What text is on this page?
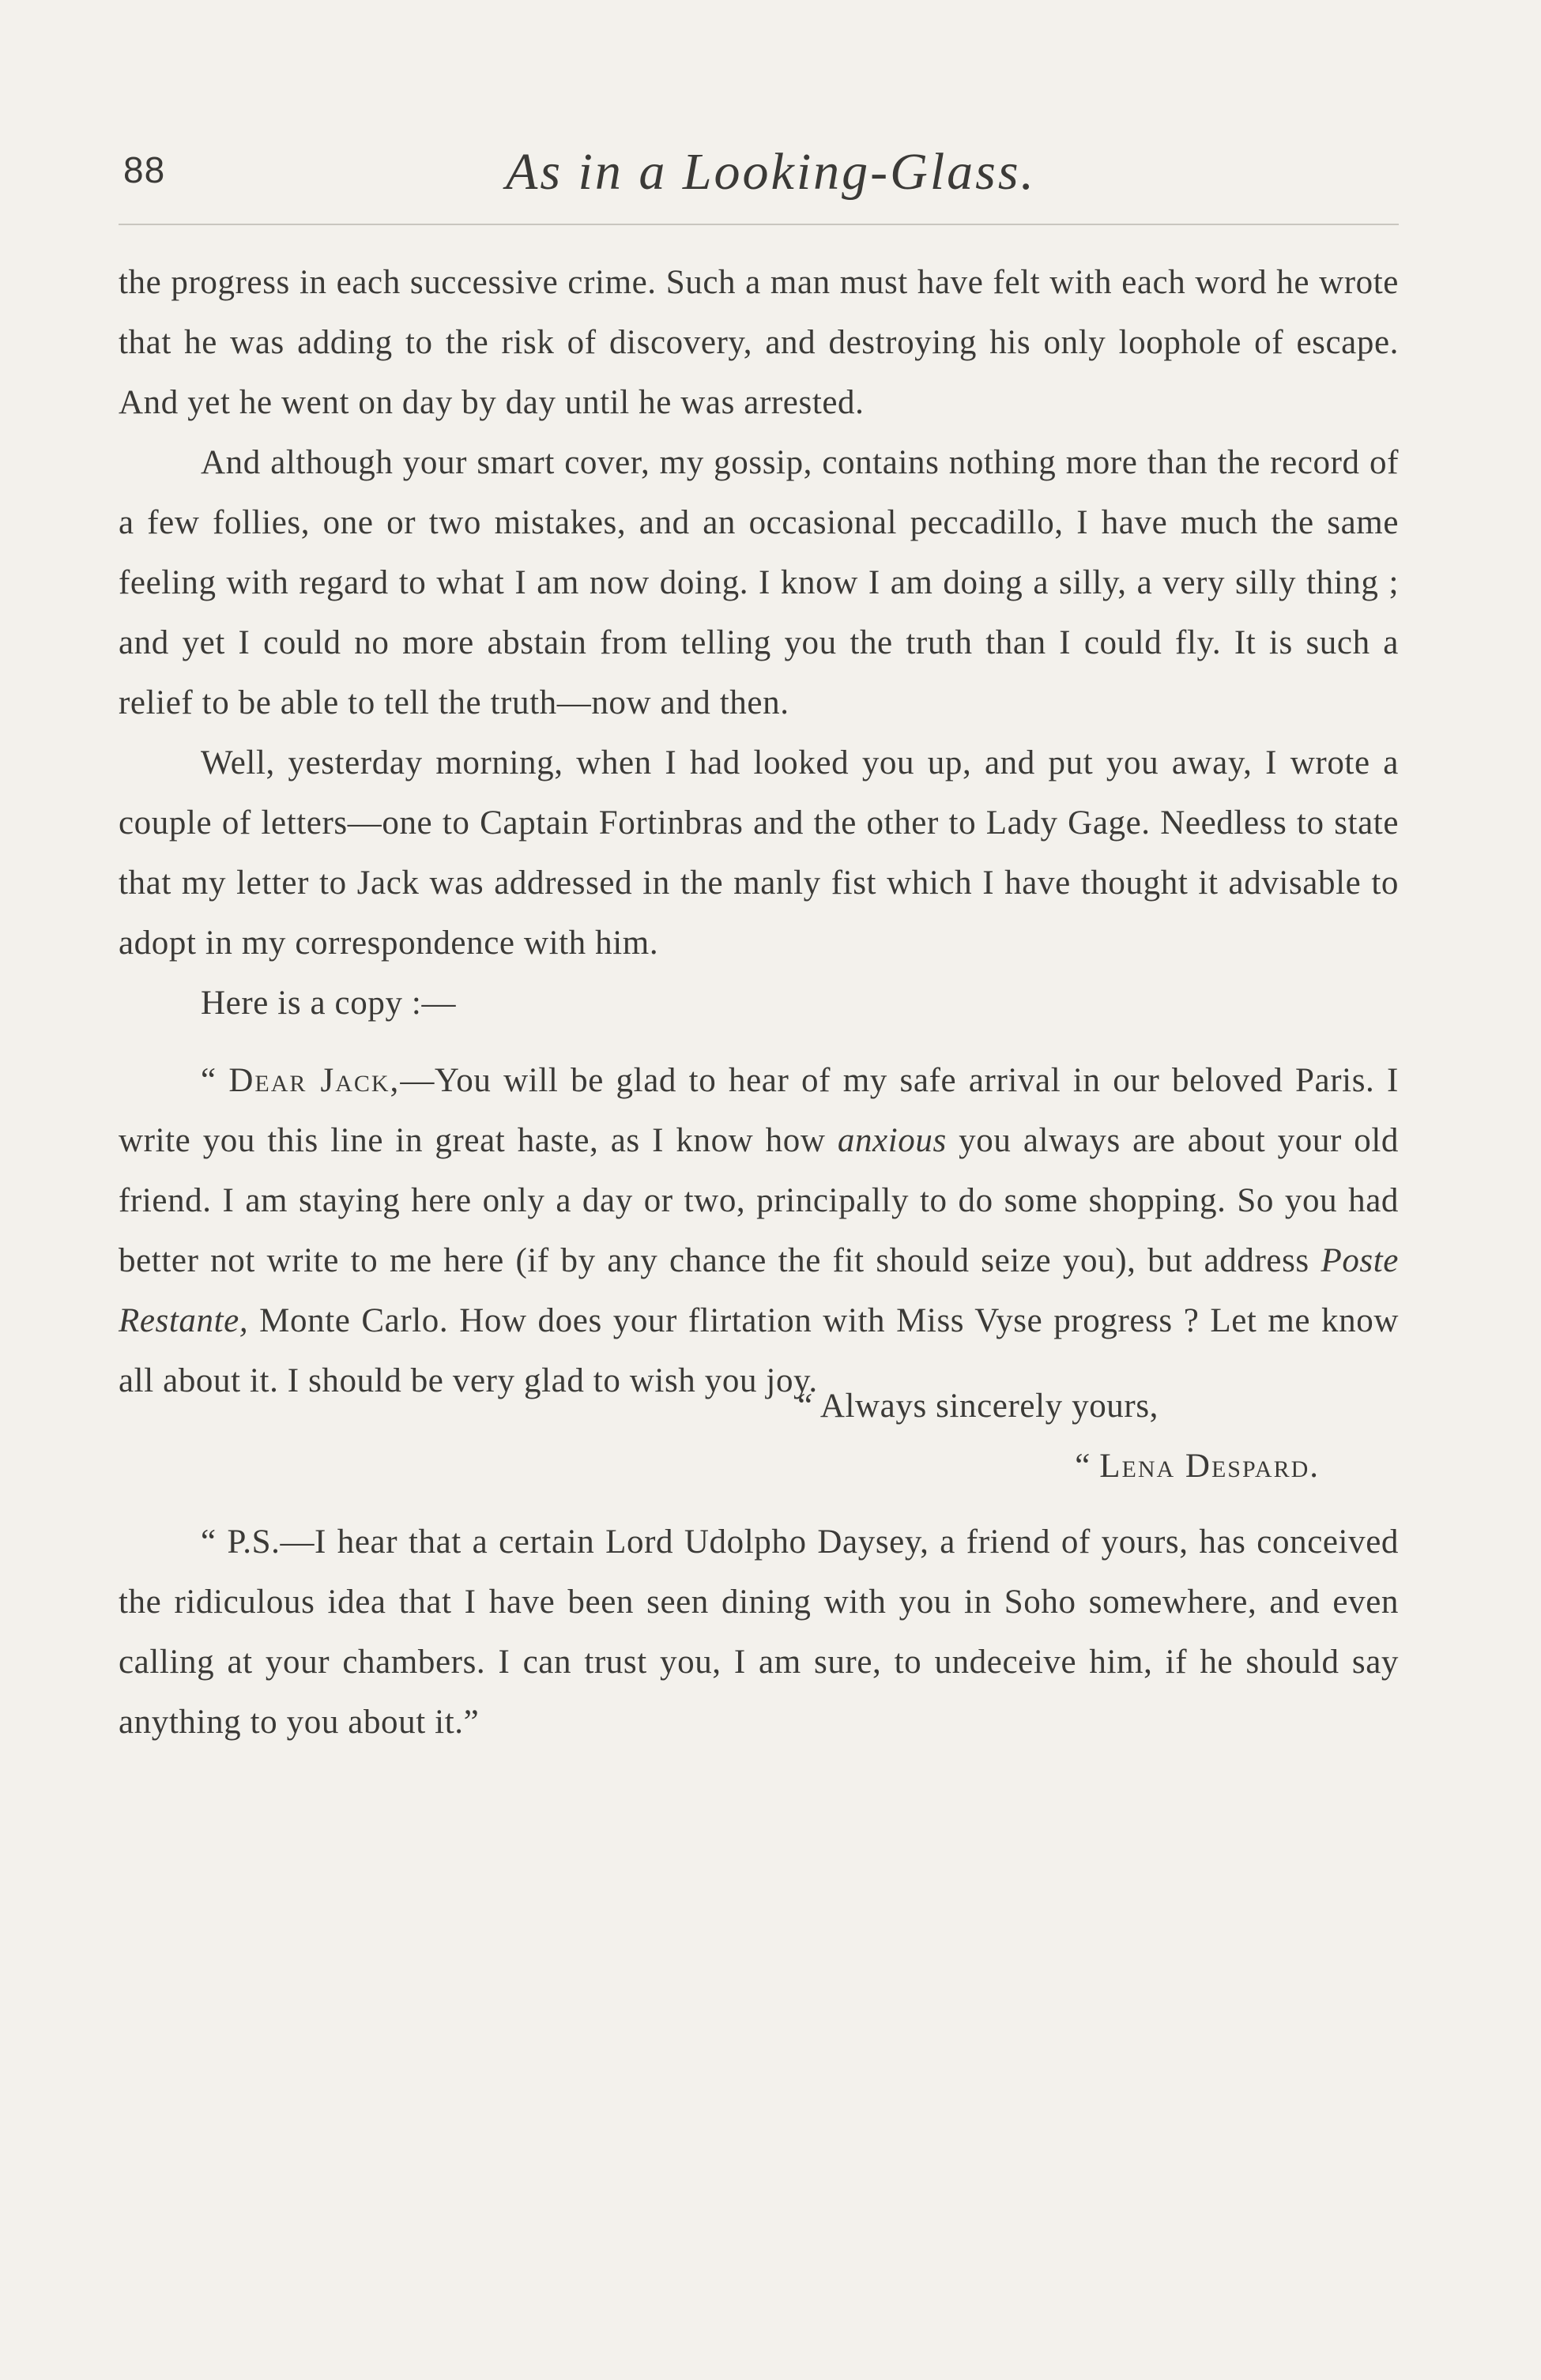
88	As in a Looking-Glass.

the progress in each successive crime. Such a man must have felt with each word he wrote that he was adding to the risk of discovery, and destroying his only loophole of escape. And yet he went on day by day until he was arrested.

And although your smart cover, my gossip, contains nothing more than the record of a few follies, one or two mistakes, and an occasional peccadillo, I have much the same feeling with regard to what I am now doing. I know I am doing a silly, a very silly thing ; and yet I could no more abstain from telling you the truth than I could fly. It is such a relief to be able to tell the truth—now and then.

Well, yesterday morning, when I had looked you up, and put you away, I wrote a couple of letters—one to Captain Fortinbras and the other to Lady Gage. Needless to state that my letter to Jack was addressed in the manly fist which I have thought it advisable to adopt in my correspondence with him.

Here is a copy :—

“ Dear Jack,—You will be glad to hear of my safe arrival in our beloved Paris. I write you this line in great haste, as I know how anxious you always are about your old friend. I am staying here only a day or two, principally to do some shopping. So you had better not write to me here (if by any chance the fit should seize you), but address Poste Restante, Monte Carlo. How does your flirtation with Miss Vyse progress ? Let me know all about it. I should be very glad to wish you joy.

“ Always sincerely yours,

“ Lena Despard.

“ P.S.—I hear that a certain Lord Udolpho Daysey, a friend of yours, has conceived the ridiculous idea that I have been seen dining with you in Soho somewhere, and even calling at your chambers. I can trust you, I am sure, to undeceive him, if he should say anything to you about it.”
